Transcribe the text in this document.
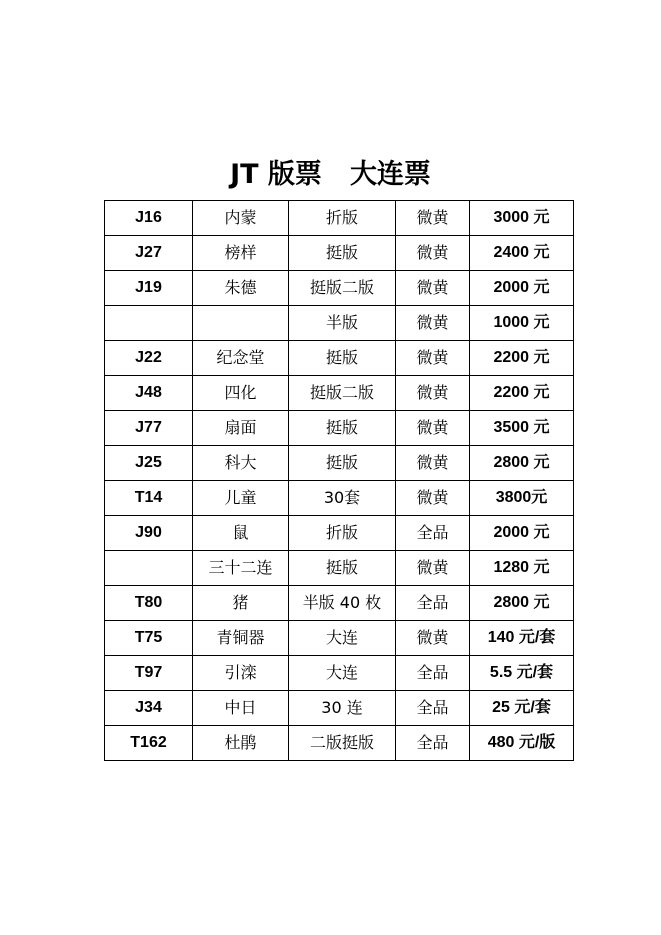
JT 版票 大连票
J16	内蒙	折版	微黄	3000 元
J27	榜样	挺版	微黄	2400 元
J19	朱德	挺版二版	微黄	2000 元
		半版	微黄	1000 元
J22	纪念堂	挺版	微黄	2200 元
J48	四化	挺版二版	微黄	2200 元
J77	扇面	挺版	微黄	3500 元
J25	科大	挺版	微黄	2800 元
T14	儿童	30套	微黄	3800元
J90	鼠	折版	全品	2000 元
	三十二连	挺版	微黄	1280 元
T80	猪	半版 40 枚	全品	2800 元
T75	青铜器	大连	微黄	140 元/套
T97	引滦	大连	全品	5.5 元/套
J34	中日	30 连	全品	25 元/套
T162	杜鹃	二版挺版	全品	480 元/版
